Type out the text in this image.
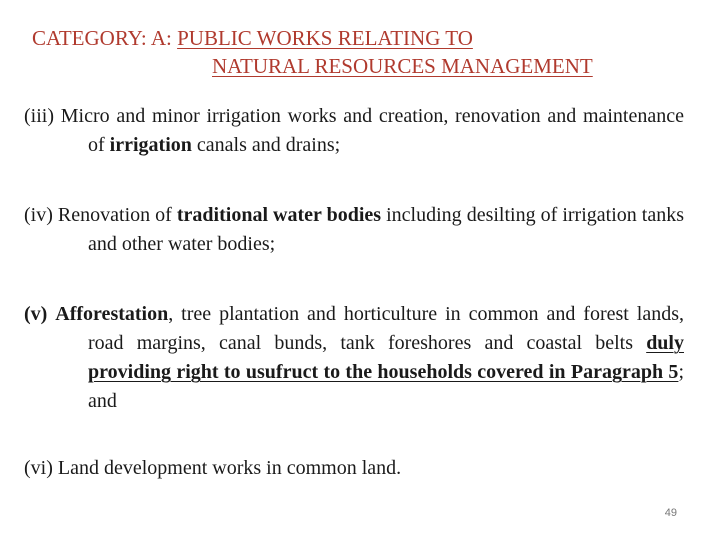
CATEGORY: A: PUBLIC WORKS RELATING TO
NATURAL RESOURCES MANAGEMENT
(iii) Micro and minor irrigation works and creation, renovation and maintenance of irrigation canals and drains;
(iv) Renovation of traditional water bodies including desilting of irrigation tanks and other water bodies;
(v) Afforestation, tree plantation and horticulture in common and forest lands, road margins, canal bunds, tank foreshores and coastal belts duly providing right to usufruct to the households covered in Paragraph 5; and
(vi) Land development works in common land.
49
